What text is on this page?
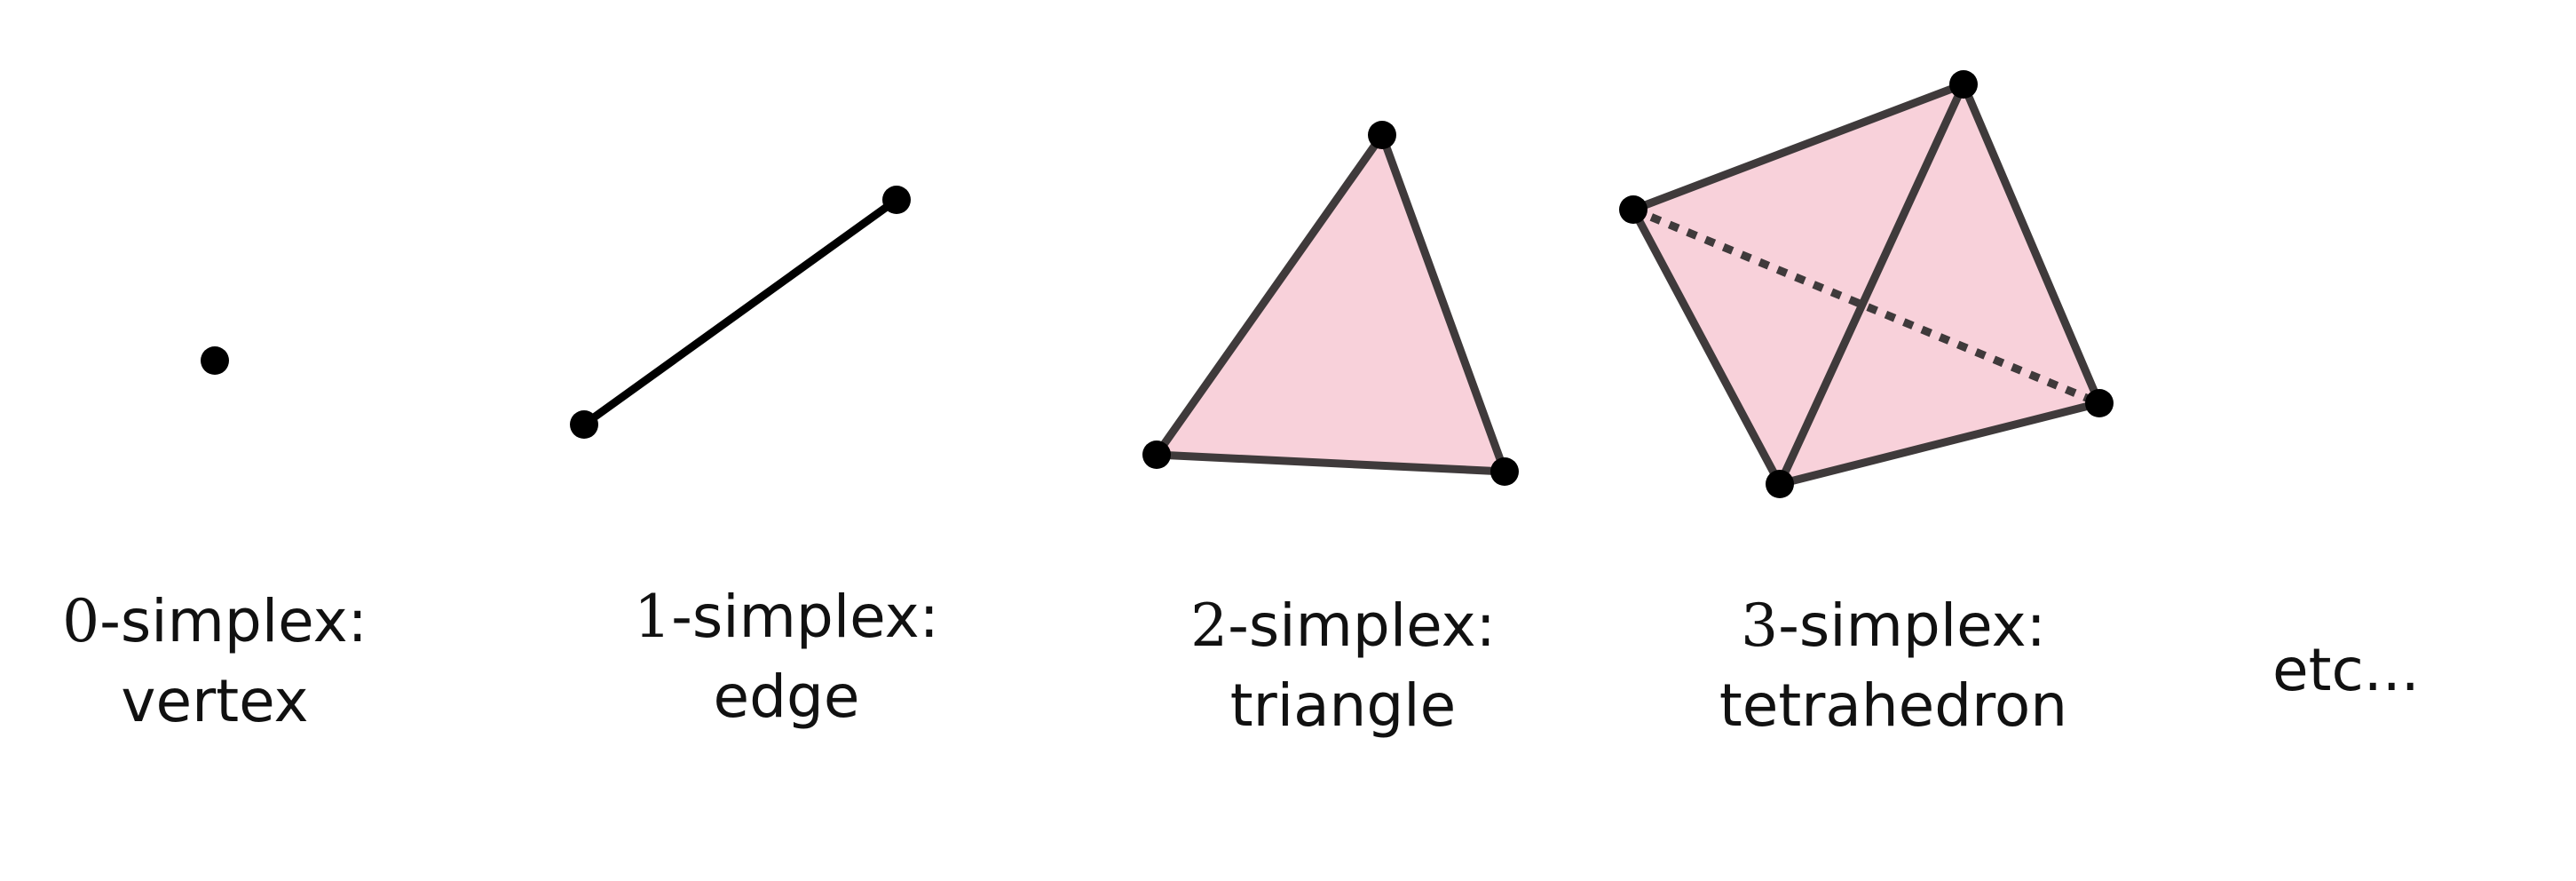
0-simplex:
vertex
1-simplex:
edge
2-simplex:
triangle
3-simplex:
tetrahedron
etc...
